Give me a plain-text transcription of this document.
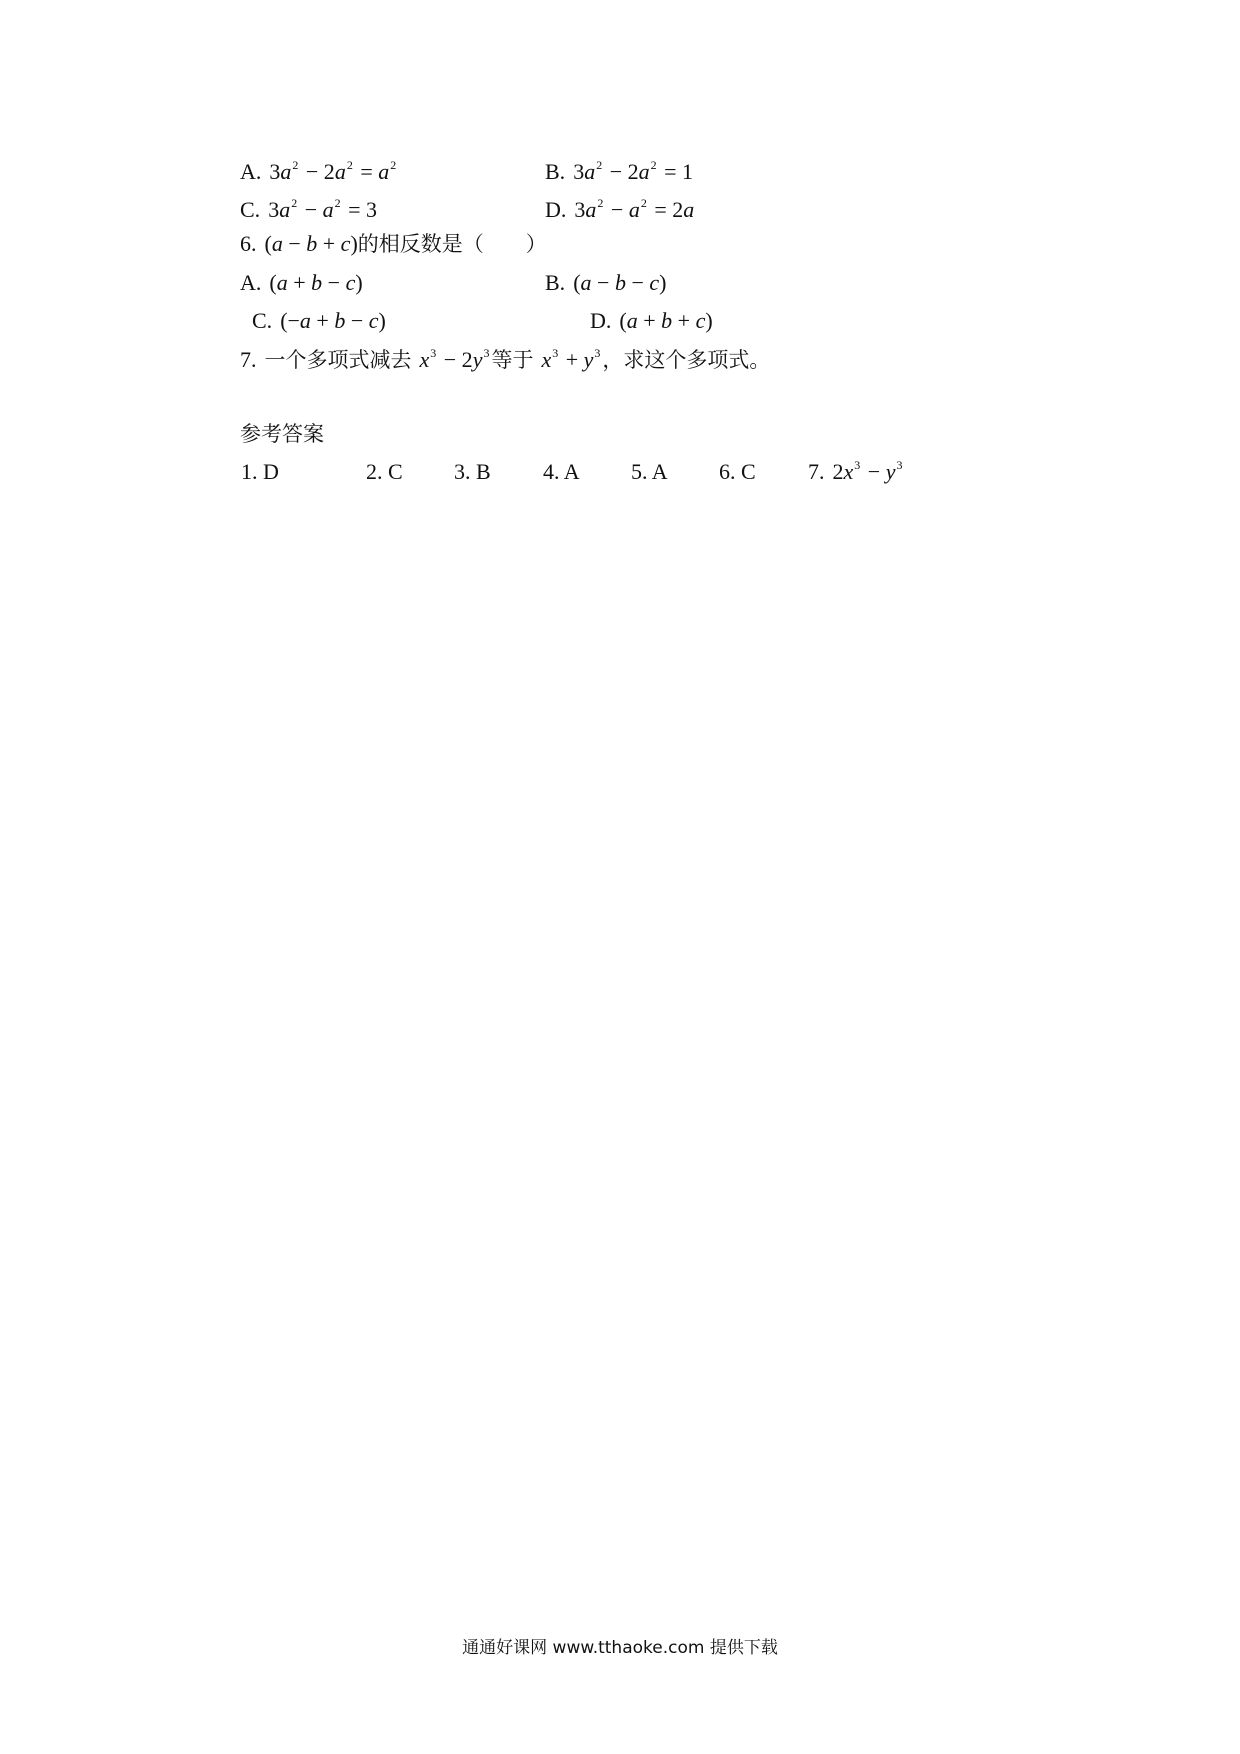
A. $3a^2 - 2a^2 = a^2$	B. $3a^2 - 2a^2 = 1$
C. $3a^2 - a^2 = 3$	D. $3a^2 - a^2 = 2a$
6. (a − b + c)的相反数是（　　）
A. (a + b − c)	B. (a − b − c)
C. (−a + b − c)	D. (a + b + c)
7. 一个多项式减去 $x^3 - 2y^3$等于 $x^3 + y^3$，求这个多项式。
参考答案
1. D	2. C 3. B 4. A 5. A 6. C 7. $2x^3 - y^3$
通通好课网 www.tthaoke.com 提供下载
